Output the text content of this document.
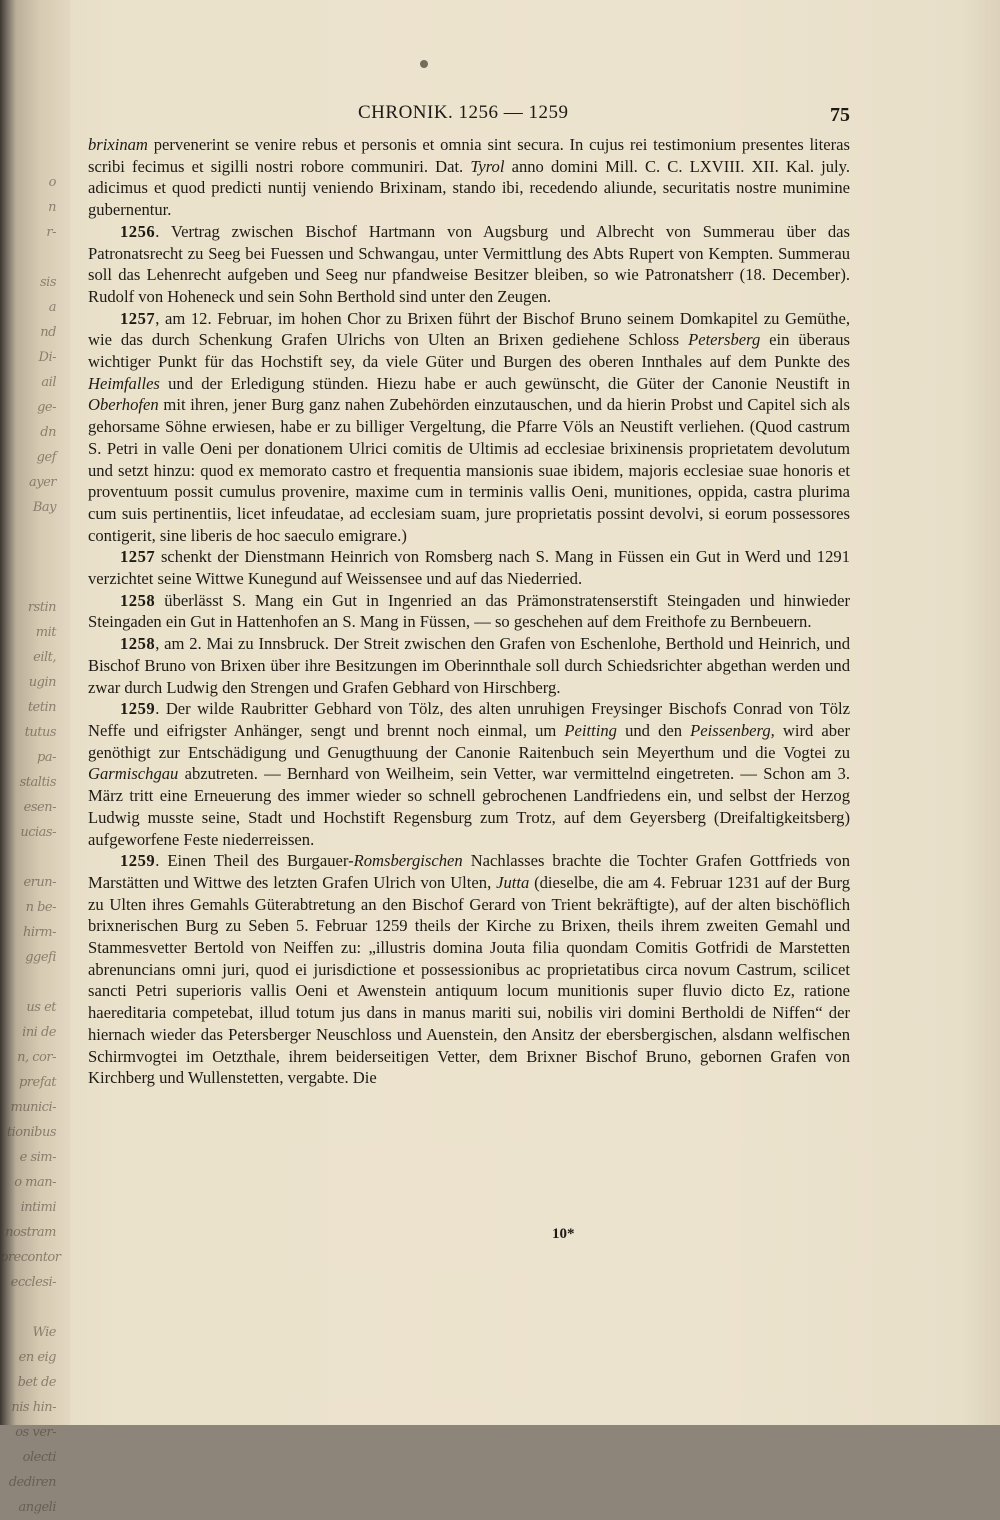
o
n
r-
sis
a
nd
Di-
ail
ge-
dn
gef
ayer
Bay
rstin
mit
eilt,
ugin
tetin
tutus
pa-
staltis
esen-
ucias-
erun-
n be-
hirm-
ggefi
us et
ini de
n, cor-
prefat
munici-
tionibus
e sim-
o man-
intimi
nostram
precontor
ecclesi-
Wie
en eig
bet de
nis hin-
os ver-
olecti
dediren
angeli
CHRONIK. 1256 — 1259	75

brixinam pervenerint se venire rebus et personis et omnia sint secura. In cujus rei testimonium presentes literas scribi fecimus et sigilli nostri robore communiri. Dat. Tyrol anno domini Mill. C. C. LXVIII. XII. Kal. july. adicimus et quod predicti nuntij veniendo Brixinam, stando ibi, recedendo aliunde, securitatis nostre munimine gubernentur.

1256. Vertrag zwischen Bischof Hartmann von Augsburg und Albrecht von Summerau über das Patronatsrecht zu Seeg bei Fuessen und Schwangau, unter Vermittlung des Abts Rupert von Kempten. Summerau soll das Lehenrecht aufgeben und Seeg nur pfandweise Besitzer bleiben, so wie Patronatsherr (18. December). Rudolf von Hoheneck und sein Sohn Berthold sind unter den Zeugen.

1257, am 12. Februar, im hohen Chor zu Brixen führt der Bischof Bruno seinem Domkapitel zu Gemüthe, wie das durch Schenkung Grafen Ulrichs von Ulten an Brixen gediehene Schloss Petersberg ein überaus wichtiger Punkt für das Hochstift sey, da viele Güter und Burgen des oberen Innthales auf dem Punkte des Heimfalles und der Erledigung stünden. Hiezu habe er auch gewünscht, die Güter der Canonie Neustift in Oberhofen mit ihren, jener Burg ganz nahen Zubehörden einzutauschen, und da hierin Probst und Capitel sich als gehorsame Söhne erwiesen, habe er zu billiger Vergeltung, die Pfarre Völs an Neustift verliehen. (Quod castrum S. Petri in valle Oeni per donationem Ulrici comitis de Ultimis ad ecclesiae brixinensis proprietatem devolutum und setzt hinzu: quod ex memorato castro et frequentia mansionis suae ibidem, majoris ecclesiae suae honoris et proventuum possit cumulus provenire, maxime cum in terminis vallis Oeni, munitiones, oppida, castra plurima cum suis pertinentiis, licet infeudatae, ad ecclesiam suam, jure proprietatis possint devolvi, si eorum possessores contigerit, sine liberis de hoc saeculo emigrare.)

1257 schenkt der Dienstmann Heinrich von Romsberg nach S. Mang in Füssen ein Gut in Werd und 1291 verzichtet seine Wittwe Kunegund auf Weissensee und auf das Niederried.

1258 überlässt S. Mang ein Gut in Ingenried an das Prämonstratenserstift Steingaden und hinwieder Steingaden ein Gut in Hattenhofen an S. Mang in Füssen, — so geschehen auf dem Freithofe zu Bernbeuern.

1258, am 2. Mai zu Innsbruck. Der Streit zwischen den Grafen von Eschenlohe, Berthold und Heinrich, und Bischof Bruno von Brixen über ihre Besitzungen im Oberinnthale soll durch Schiedsrichter abgethan werden und zwar durch Ludwig den Strengen und Grafen Gebhard von Hirschberg.

1259. Der wilde Raubritter Gebhard von Tölz, des alten unruhigen Freysinger Bischofs Conrad von Tölz Neffe und eifrigster Anhänger, sengt und brennt noch einmal, um Peitting und den Peissenberg, wird aber genöthigt zur Entschädigung und Genugthuung der Canonie Raitenbuch sein Meyerthum und die Vogtei zu Garmischgau abzutreten. — Bernhard von Weilheim, sein Vetter, war vermittelnd eingetreten. — Schon am 3. März tritt eine Erneuerung des immer wieder so schnell gebrochenen Landfriedens ein, und selbst der Herzog Ludwig musste seine, Stadt und Hochstift Regensburg zum Trotz, auf dem Geyersberg (Dreifaltigkeitsberg) aufgeworfene Feste niederreissen.

1259. Einen Theil des Burgauer-Romsbergischen Nachlasses brachte die Tochter Grafen Gottfrieds von Marstätten und Wittwe des letzten Grafen Ulrich von Ulten, Jutta (dieselbe, die am 4. Februar 1231 auf der Burg zu Ulten ihres Gemahls Güterabtretung an den Bischof Gerard von Trient bekräftigte), auf der alten bischöflich brixnerischen Burg zu Seben 5. Februar 1259 theils der Kirche zu Brixen, theils ihrem zweiten Gemahl und Stammesvetter Bertold von Neiffen zu: „illustris domina Jouta filia quondam Comitis Gotfridi de Marstetten abrenuncians omni juri, quod ei jurisdictione et possessionibus ac proprietatibus circa novum Castrum, scilicet sancti Petri superioris vallis Oeni et Awenstein antiquum locum munitionis super fluvio dicto Ez, ratione haereditaria competebat, illud totum jus dans in manus mariti sui, nobilis viri domini Bertholdi de Niffen“ der hiernach wieder das Petersberger Neuschloss und Auenstein, den Ansitz der ebersbergischen, alsdann welfischen Schirmvogtei im Oetzthale, ihrem beiderseitigen Vetter, dem Brixner Bischof Bruno, gebornen Grafen von Kirchberg und Wullenstetten, vergabte. Die

10*
